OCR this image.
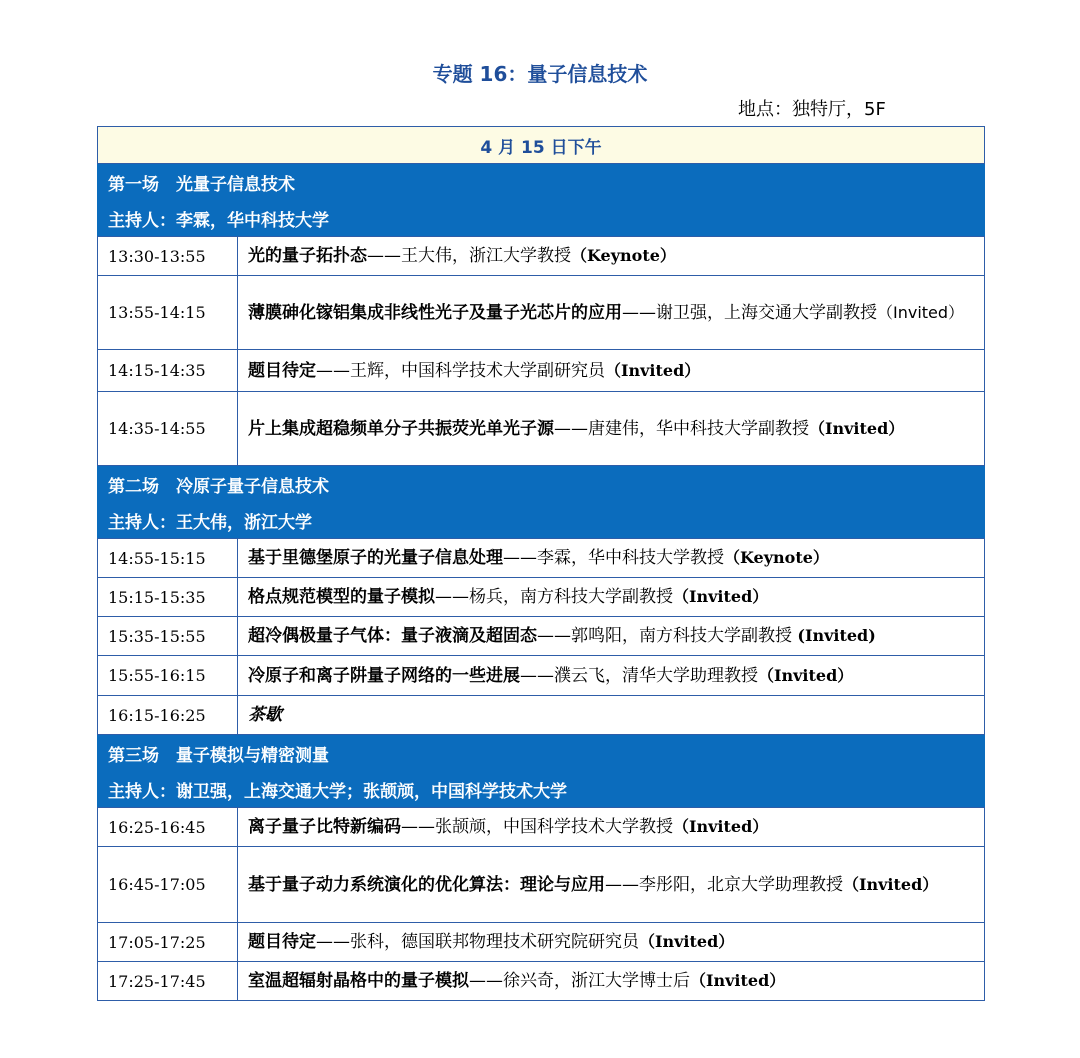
专题 16：量子信息技术
地点：独特厅，5F
4 月 15 日下午	
第一场　光量子信息技术	
主持人：李霖，华中科技大学	
13:30-13:55	光的量子拓扑态——王大伟，浙江大学教授（Keynote）
13:55-14:15	薄膜砷化镓铝集成非线性光子及量子光芯片的应用——谢卫强，上海交通大学副教授（Invited）
14:15-14:35	题目待定——王辉，中国科学技术大学副研究员（Invited）
14:35-14:55	片上集成超稳频单分子共振荧光单光子源——唐建伟，华中科技大学副教授（Invited）
第二场　冷原子量子信息技术	
主持人：王大伟，浙江大学	
14:55-15:15	基于里德堡原子的光量子信息处理——李霖，华中科技大学教授（Keynote）
15:15-15:35	格点规范模型的量子模拟——杨兵，南方科技大学副教授（Invited）
15:35-15:55	超冷偶极量子气体：量子液滴及超固态——郭鸣阳，南方科技大学副教授 (Invited)
15:55-16:15	冷原子和离子阱量子网络的一些进展——濮云飞，清华大学助理教授（Invited）
16:15-16:25	茶歇
第三场　量子模拟与精密测量	
主持人：谢卫强，上海交通大学；张颉颃，中国科学技术大学	
16:25-16:45	离子量子比特新编码——张颉颃，中国科学技术大学教授（Invited）
16:45-17:05	基于量子动力系统演化的优化算法：理论与应用——李彤阳，北京大学助理教授（Invited）
17:05-17:25	题目待定——张科，德国联邦物理技术研究院研究员（Invited）
17:25-17:45	室温超辐射晶格中的量子模拟——徐兴奇，浙江大学博士后（Invited）
